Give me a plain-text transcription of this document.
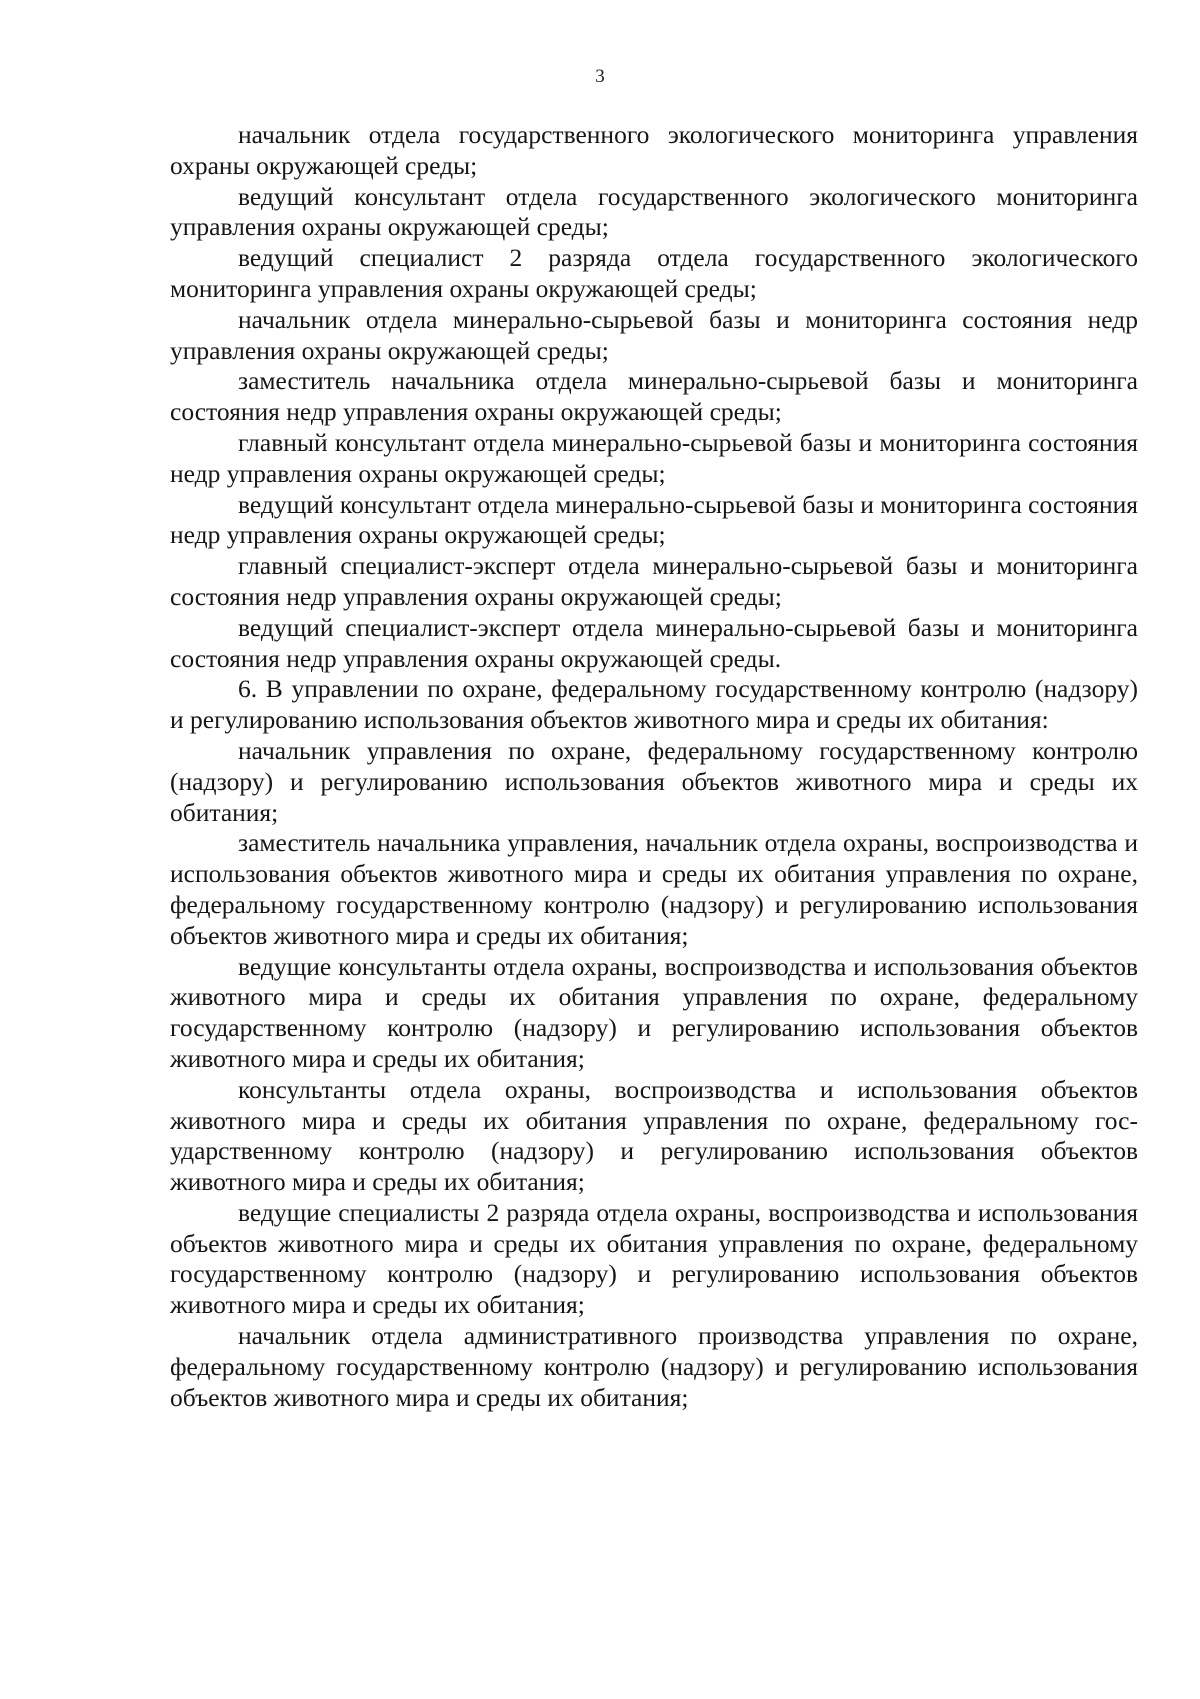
3

начальник отдела государственного экологического мониторинга управления охраны окружающей среды;

ведущий консультант отдела государственного экологического мониторинга управления охраны окружающей среды;

ведущий специалист 2 разряда отдела государственного экологического мониторинга управления охраны окружающей среды;

начальник отдела минерально-сырьевой базы и мониторинга состояния недр управления охраны окружающей среды;

заместитель начальника отдела минерально-сырьевой базы и мониторинга состояния недр управления охраны окружающей среды;

главный консультант отдела минерально-сырьевой базы и мониторинга состояния недр управления охраны окружающей среды;

ведущий консультант отдела минерально-сырьевой базы и мониторинга состояния недр управления охраны окружающей среды;

главный специалист-эксперт отдела минерально-сырьевой базы и мониторинга состояния недр управления охраны окружающей среды;

ведущий специалист-эксперт отдела минерально-сырьевой базы и мониторинга состояния недр управления охраны окружающей среды.

6. В управлении по охране, федеральному государственному контролю (надзору) и регулированию использования объектов животного мира и среды их обитания:

начальник управления по охране, федеральному государственному контролю (надзору) и регулированию использования объектов животного мира и среды их обитания;

заместитель начальника управления, начальник отдела охраны, воспроизводства и использования объектов животного мира и среды их обитания управления по охране, федеральному государственному контролю (надзору) и регулированию использования объектов животного мира и среды их обитания;

ведущие консультанты отдела охраны, воспроизводства и использования объектов животного мира и среды их обитания управления по охране, федеральному государственному контролю (надзору) и регулированию использования объектов животного мира и среды их обитания;

консультанты отдела охраны, воспроизводства и использования объектов животного мира и среды их обитания управления по охране, федеральному государственному контролю (надзору) и регулированию использования объектов животного мира и среды их обитания;

ведущие специалисты 2 разряда отдела охраны, воспроизводства и использования объектов животного мира и среды их обитания управления по охране, федеральному государственному контролю (надзору) и регулированию использования объектов животного мира и среды их обитания;

начальник отдела административного производства управления по охране, федеральному государственному контролю (надзору) и регулированию использования объектов животного мира и среды их обитания;
